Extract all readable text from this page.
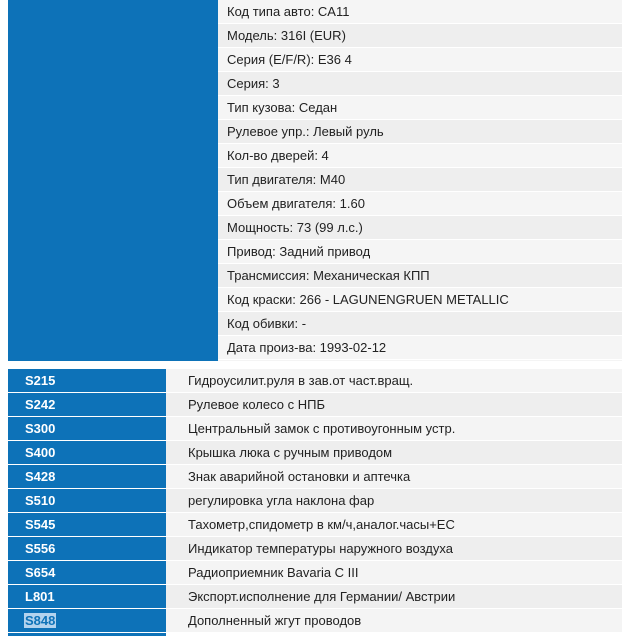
Код типа авто: CA11
Модель: 316I (EUR)
Серия (E/F/R): E36 4
Серия: 3
Тип кузова: Седан
Рулевое упр.: Левый руль
Кол-во дверей: 4
Тип двигателя: M40
Объем двигателя: 1.60
Мощность: 73 (99 л.с.)
Привод: Задний привод
Трансмиссия: Механическая КПП
Код краски: 266 - LAGUNENGRUEN METALLIC
Код обивки: -
Дата произ-ва: 1993-02-12
S215	Гидроусилит.руля в зав.от част.вращ.
S242	Рулевое колесо с НПБ
S300	Центральный замок с противоугонным устр.
S400	Крышка люка с ручным приводом
S428	Знак аварийной остановки и аптечка
S510	регулировка угла наклона фар
S545	Тахометр,спидометр в км/ч,аналог.часы+EC
S556	Индикатор температуры наружного воздуха
S654	Радиоприемник Bavaria C III
L801	Экспорт.исполнение для Германии/ Австрии
S848	Дополненный жгут проводов
